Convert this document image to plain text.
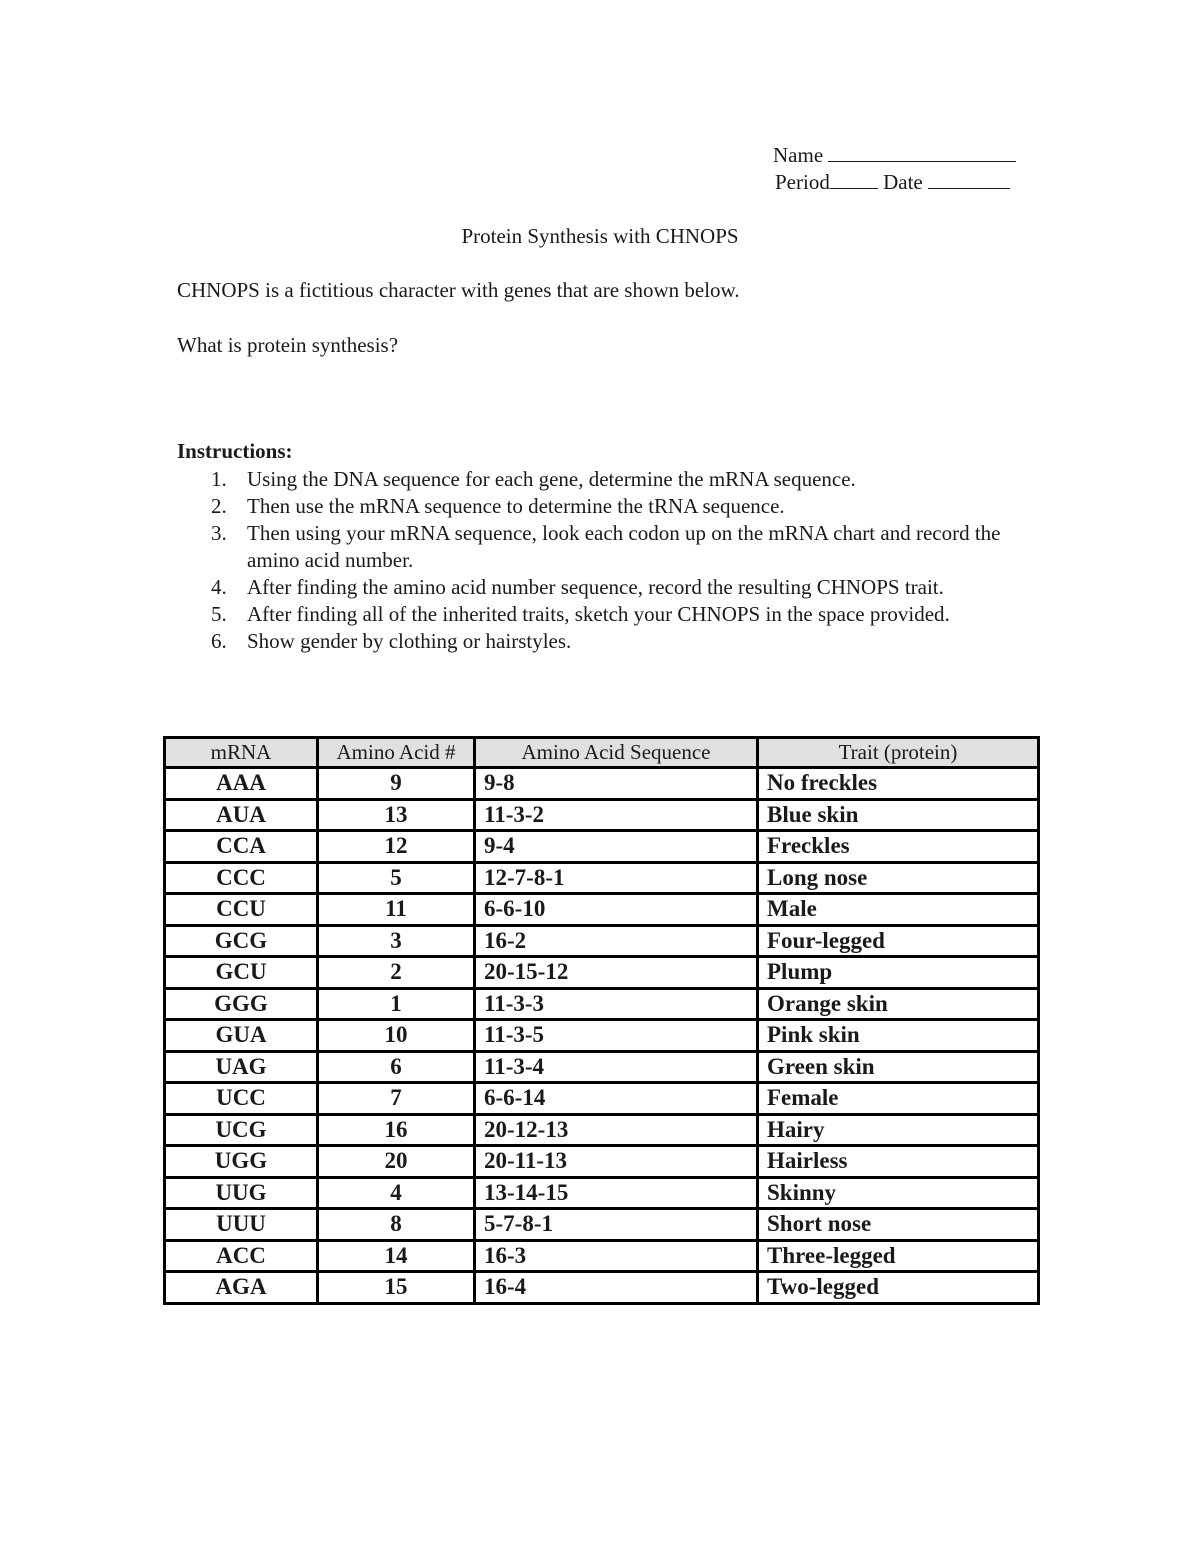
Name
Period	Date
Protein Synthesis with CHNOPS
CHNOPS is a fictitious character with genes that are shown below.
What is protein synthesis?
Instructions:
1. Using the DNA sequence for each gene, determine the mRNA sequence.
2. Then use the mRNA sequence to determine the tRNA sequence.
3. Then using your mRNA sequence, look each codon up on the mRNA chart and record the amino acid number.
4. After finding the amino acid number sequence, record the resulting CHNOPS trait.
5. After finding all of the inherited traits, sketch your CHNOPS in the space provided.
6. Show gender by clothing or hairstyles.
mRNA	Amino Acid #	Amino Acid Sequence	Trait (protein)
AAA	9	9-8	No freckles
AUA	13	11-3-2	Blue skin
CCA	12	9-4	Freckles
CCC	5	12-7-8-1	Long nose
CCU	11	6-6-10	Male
GCG	3	16-2	Four-legged
GCU	2	20-15-12	Plump
GGG	1	11-3-3	Orange skin
GUA	10	11-3-5	Pink skin
UAG	6	11-3-4	Green skin
UCC	7	6-6-14	Female
UCG	16	20-12-13	Hairy
UGG	20	20-11-13	Hairless
UUG	4	13-14-15	Skinny
UUU	8	5-7-8-1	Short nose
ACC	14	16-3	Three-legged
AGA	15	16-4	Two-legged
